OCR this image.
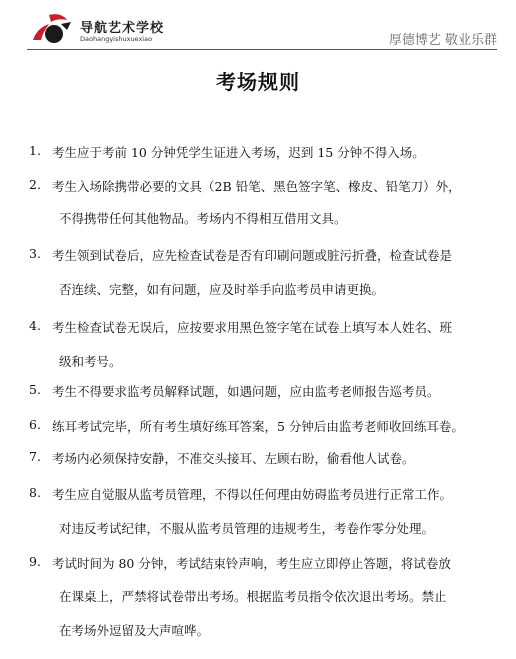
导航艺术学校
Daohangyishuxuexiao	厚德博艺 敬业乐群
考场规则
1. 考生应于考前 10 分钟凭学生证进入考场，迟到 15 分钟不得入场。
2. 考生入场除携带必要的文具（2B 铅笔、黑色签字笔、橡皮、铅笔刀）外，
不得携带任何其他物品。考场内不得相互借用文具。
3. 考生领到试卷后，应先检查试卷是否有印刷问题或脏污折叠，检查试卷是
否连续、完整，如有问题，应及时举手向监考员申请更换。
4. 考生检查试卷无误后，应按要求用黑色签字笔在试卷上填写本人姓名、班
级和考号。
5. 考生不得要求监考员解释试题，如遇问题，应由监考老师报告巡考员。
6. 练耳考试完毕，所有考生填好练耳答案，5 分钟后由监考老师收回练耳卷。
7. 考场内必须保持安静，不准交头接耳、左顾右盼，偷看他人试卷。
8. 考生应自觉服从监考员管理，不得以任何理由妨碍监考员进行正常工作。
对违反考试纪律，不服从监考员管理的违规考生，考卷作零分处理。
9. 考试时间为 80 分钟，考试结束铃声响，考生应立即停止答题，将试卷放
在课桌上，严禁将试卷带出考场。根据监考员指令依次退出考场。禁止
在考场外逗留及大声喧哗。
